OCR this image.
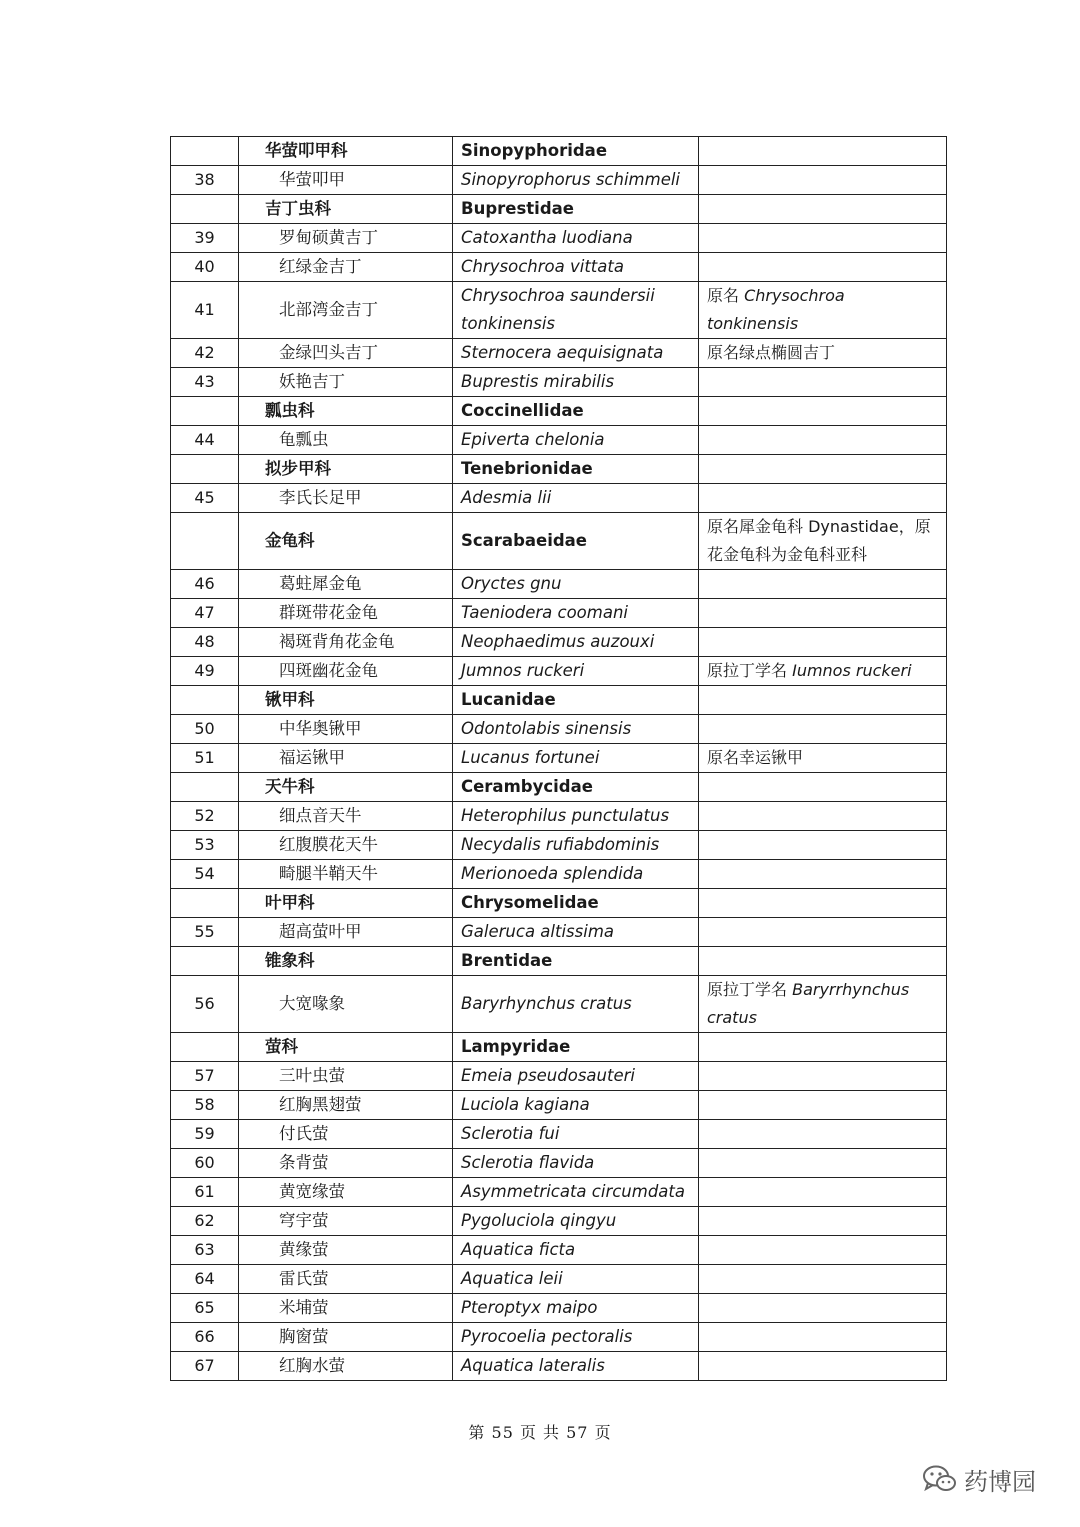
	华萤叩甲科	Sinopyphoridae	
38	华萤叩甲	Sinopyrophorus schimmeli	
	吉丁虫科	Buprestidae	
39	罗甸硕黄吉丁	Catoxantha luodiana	
40	红绿金吉丁	Chrysochroa vittata	
41	北部湾金吉丁	Chrysochroa saundersii tonkinensis	原名 Chrysochroa tonkinensis
42	金绿凹头吉丁	Sternocera aequisignata	原名绿点椭圆吉丁
43	妖艳吉丁	Buprestis mirabilis	
	瓢虫科	Coccinellidae	
44	龟瓢虫	Epiverta chelonia	
	拟步甲科	Tenebrionidae	
45	李氏长足甲	Adesmia lii	
	金龟科	Scarabaeidae	原名犀金龟科 Dynastidae，原花金龟科为金龟科亚科
46	葛蛀犀金龟	Oryctes gnu	
47	群斑带花金龟	Taeniodera coomani	
48	褐斑背角花金龟	Neophaedimus auzouxi	
49	四斑幽花金龟	Jumnos ruckeri	原拉丁学名 Iumnos ruckeri
	锹甲科	Lucanidae	
50	中华奥锹甲	Odontolabis sinensis	
51	福运锹甲	Lucanus fortunei	原名幸运锹甲
	天牛科	Cerambycidae	
52	细点音天牛	Heterophilus punctulatus	
53	红腹膜花天牛	Necydalis rufiabdominis	
54	畸腿半鞘天牛	Merionoeda splendida	
	叶甲科	Chrysomelidae	
55	超高萤叶甲	Galeruca altissima	
	锥象科	Brentidae	
56	大宽喙象	Baryrhynchus cratus	原拉丁学名 Baryrrhynchus cratus
	萤科	Lampyridae	
57	三叶虫萤	Emeia pseudosauteri	
58	红胸黑翅萤	Luciola kagiana	
59	付氏萤	Sclerotia fui	
60	条背萤	Sclerotia flavida	
61	黄宽缘萤	Asymmetricata circumdata	
62	穹宇萤	Pygoluciola qingyu	
63	黄缘萤	Aquatica ficta	
64	雷氏萤	Aquatica leii	
65	米埔萤	Pteroptyx maipo	
66	胸窗萤	Pyrocoelia pectoralis	
67	红胸水萤	Aquatica lateralis	
第 55 页 共 57 页
药博园
